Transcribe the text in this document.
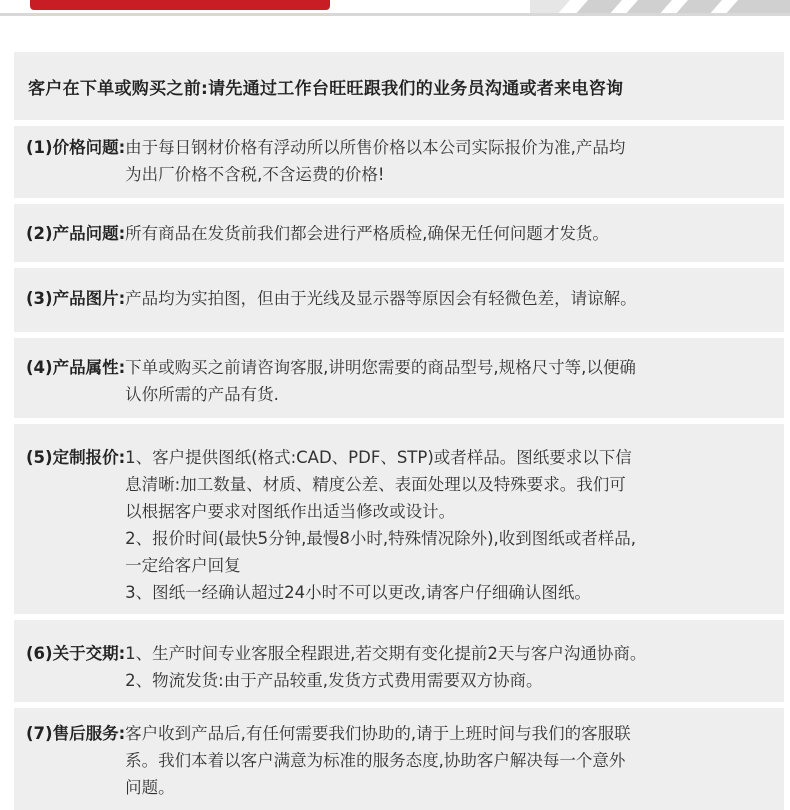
客户在下单或购买之前:请先通过工作台旺旺跟我们的业务员沟通或者来电咨询
(1)价格问题: 由于每日钢材价格有浮动所以所售价格以本公司实际报价为准,产品均
为出厂价格不含税,不含运费的价格!
(2)产品问题: 所有商品在发货前我们都会进行严格质检,确保无任何问题才发货。
(3)产品图片: 产品均为实拍图，但由于光线及显示器等原因会有轻微色差，请谅解。
(4)产品属性: 下单或购买之前请咨询客服,讲明您需要的商品型号,规格尺寸等,以便确
认你所需的产品有货.
(5)定制报价: 1、客户提供图纸(格式:CAD、PDF、STP)或者样品。图纸要求以下信
息清晰:加工数量、材质、精度公差、表面处理以及特殊要求。我们可
以根据客户要求对图纸作出适当修改或设计。
2、报价时间(最快5分钟,最慢8小时,特殊情况除外),收到图纸或者样品,
一定给客户回复
3、图纸一经确认超过24小时不可以更改,请客户仔细确认图纸。
(6)关于交期: 1、生产时间专业客服全程跟进,若交期有变化提前2天与客户沟通协商。
2、物流发货:由于产品较重,发货方式费用需要双方协商。
(7)售后服务: 客户收到产品后,有任何需要我们协助的,请于上班时间与我们的客服联
系。我们本着以客户满意为标准的服务态度,协助客户解决每一个意外
问题。
